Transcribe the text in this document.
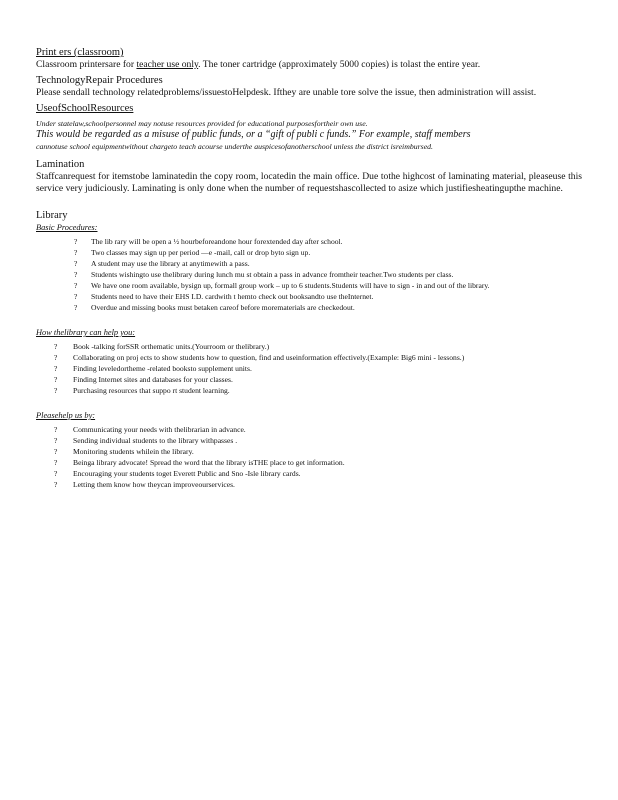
Print ers (classroom)
Classroom printersare for teacher use only. The toner cartridge (approximately 5000 copies) is tolast the entire year.
TechnologyRepair Procedures
Please sendall technology relatedproblems/issuestoHelpdesk. Ifthey are unable tore solve the issue, then administration will assist.
UseofSchoolResources
Under statelaw,schoolpersonnel may notuse resources provided for educational purposesfortheir own use.
This would be regarded as a misuse of public funds, or a “gift of publi c funds.” For example, staff members
cannotuse school equipmentwithout chargeto teach acourse underthe auspicesofanotherschool unless the district isreimbursed.
Lamination
Staffcanrequest for itemstobe laminatedin the copy room, locatedin the main office. Due tothe highcost of laminating material, pleaseuse this service very judiciously. Laminating is only done when the number of requestshascollected to asize which justifiesheatingupthe machine.
Library
Basic Procedures:
? The lib rary will be open a ½ hourbeforeandone hour forextended day after school.
? Two classes may sign up per period —e -mail, call or drop byto sign up.
? A student may use the library at anytimewith a pass.
? Students wishingto use thelibrary during lunch mu st obtain a pass in advance fromtheir teacher.Two students per class.
? We have one room available, bysign up, formall group work – up to 6 students.Students will have to sign - in and out of the library.
? Students need to have their EHS I.D. cardwith t hemto check out booksandto use theInternet.
? Overdue and missing books must betaken careof before morematerials are checkedout.
How thelibrary can help you:
? Book -talking forSSR orthematic units.(Yourroom or thelibrary.)
? Collaborating on proj ects to show students how to question, find and useinformation effectively.(Example: Big6 mini - lessons.)
? Finding leveledortheme -related booksto supplement units.
? Finding Internet sites and databases for your classes.
? Purchasing resources that suppo rt student learning.
Pleasehelp us by:
? Communicating your needs with thelibrarian in advance.
? Sending individual students to the library withpasses .
? Monitoring students whilein the library.
? Beinga library advocate! Spread the word that the library isTHE place to get information.
? Encouraging your students toget Everett Public and Sno -Isle library cards.
? Letting them know how theycan improveourservices.
